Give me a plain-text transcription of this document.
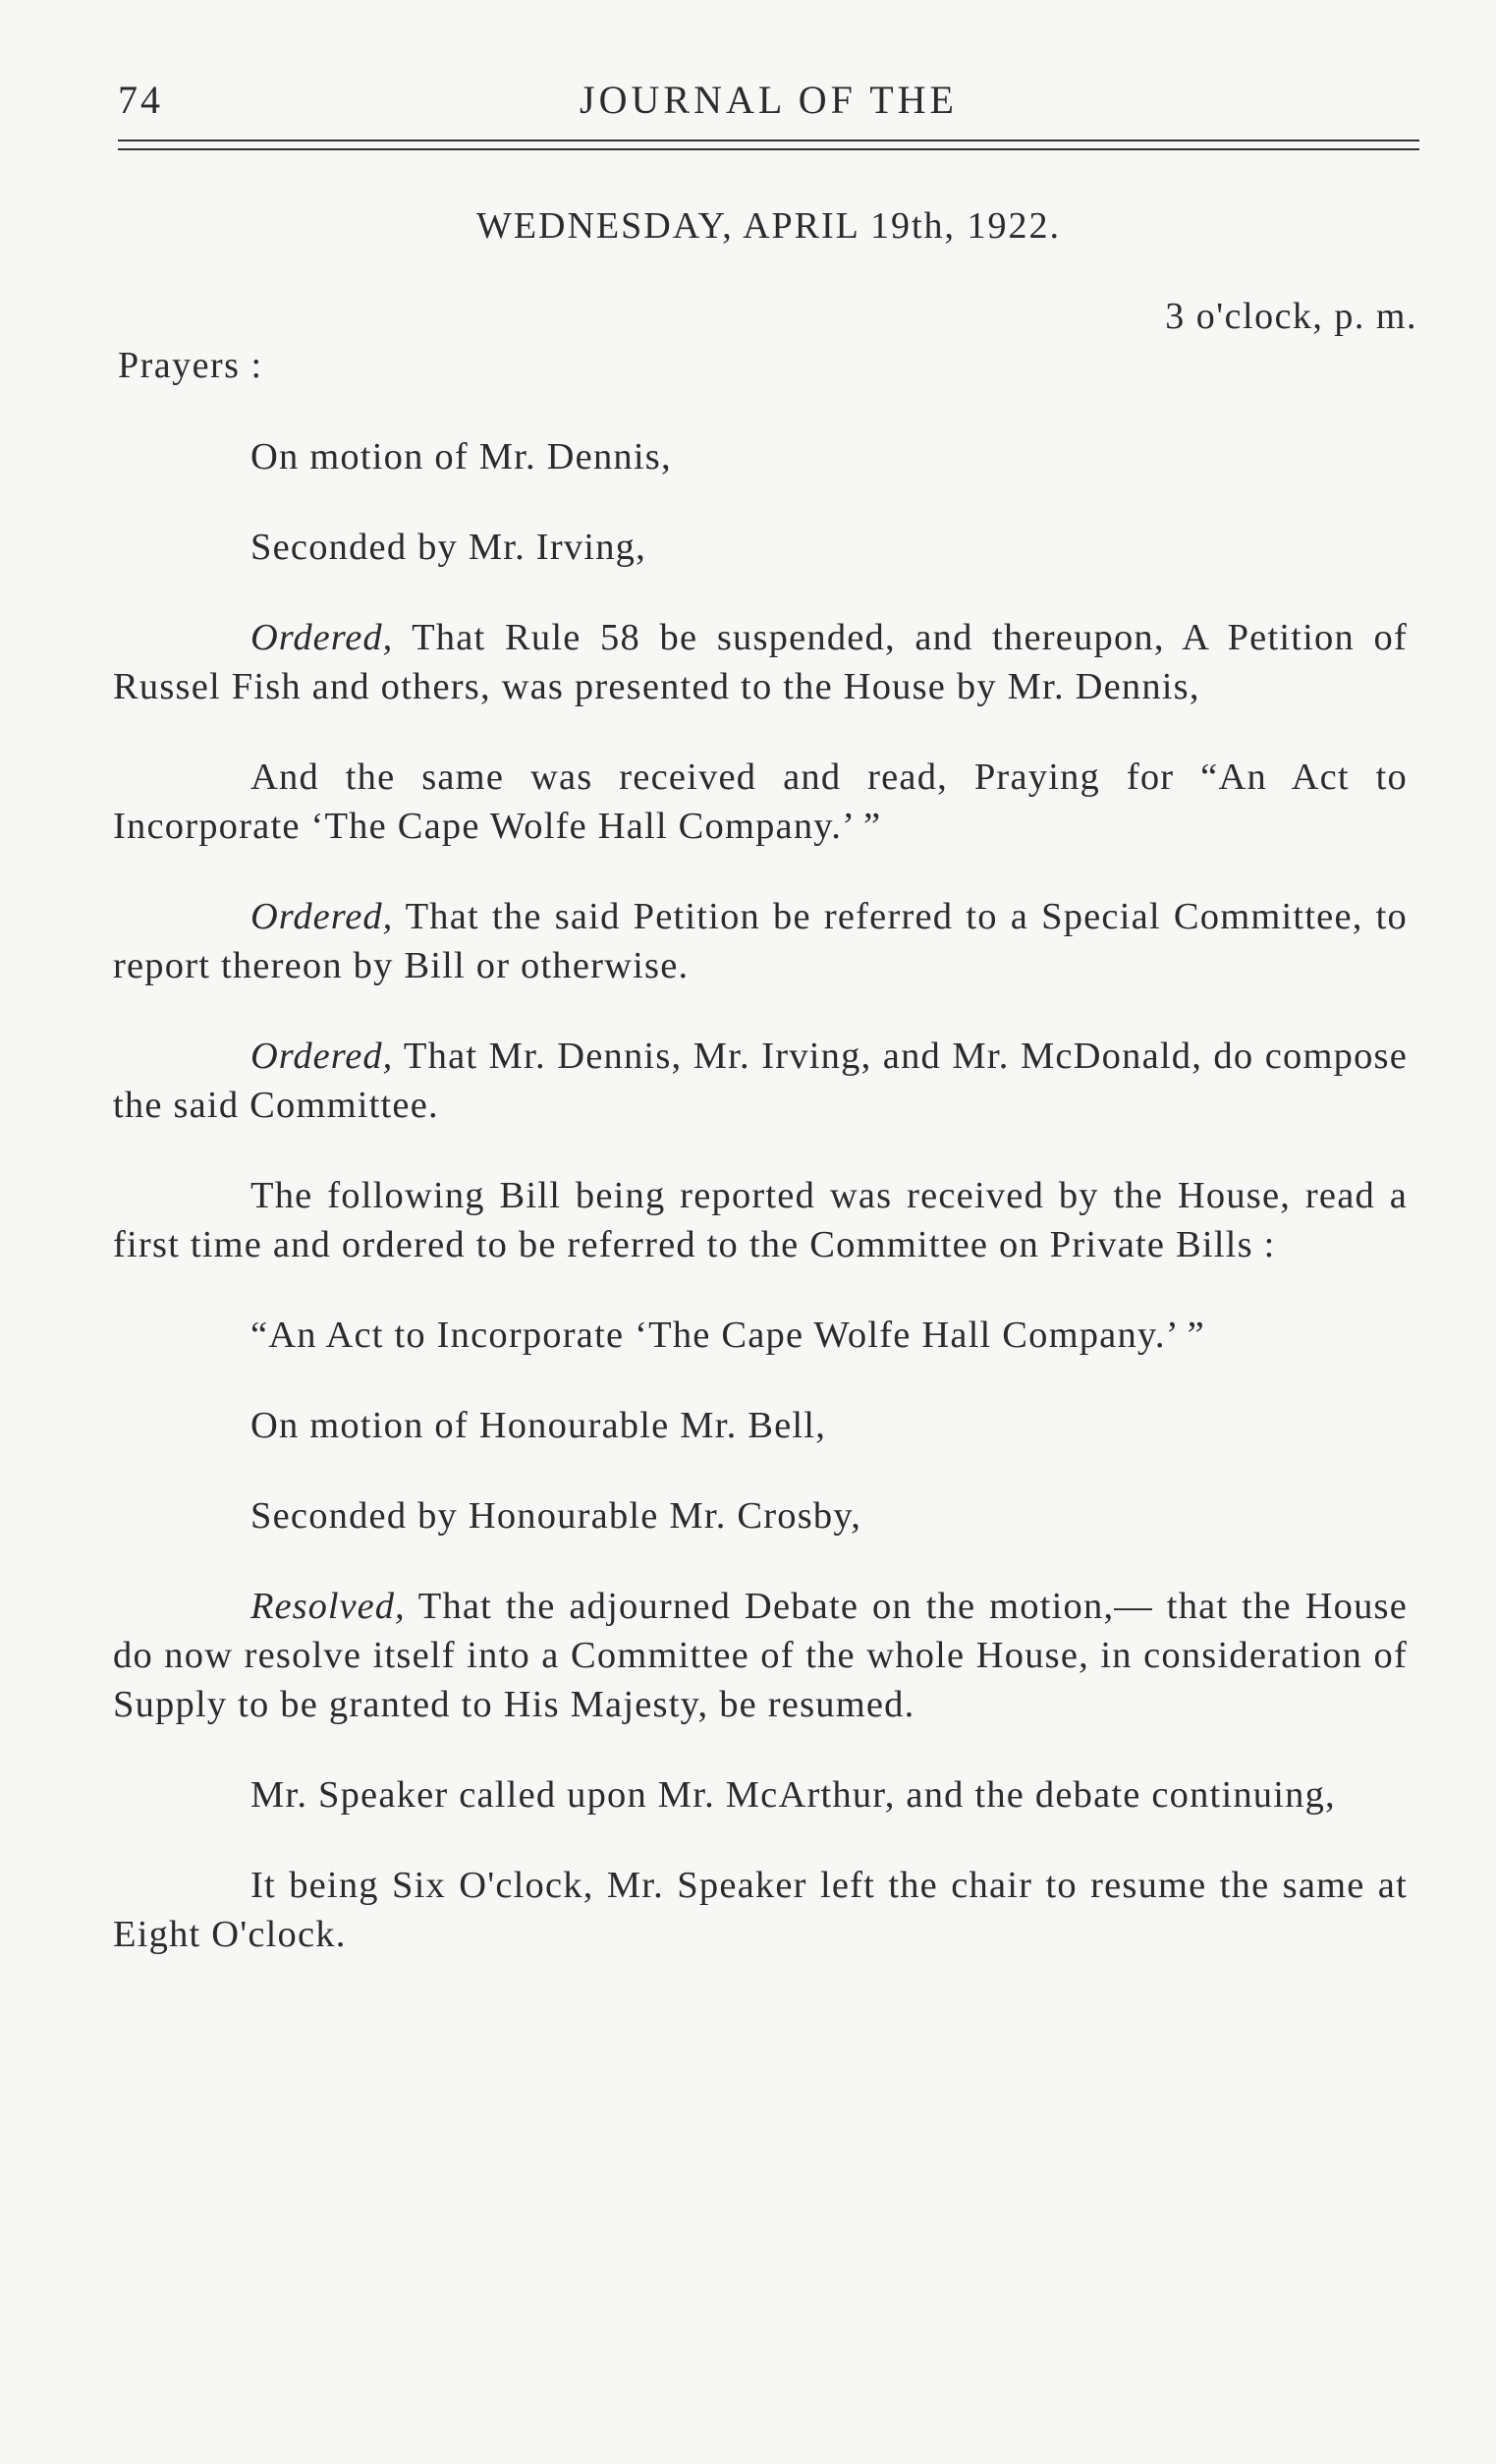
74	JOURNAL OF THE
WEDNESDAY, APRIL 19th, 1922.
3 o'clock, p. m.
Prayers :

On motion of Mr. Dennis,

Seconded by Mr. Irving,

Ordered, That Rule 58 be suspended, and thereupon, A Petition of Russel Fish and others, was presented to the House by Mr. Dennis,

And the same was received and read, Praying for “An Act to Incorporate ‘The Cape Wolfe Hall Company.’ ”

Ordered, That the said Petition be referred to a Special Committee, to report thereon by Bill or otherwise.

Ordered, That Mr. Dennis, Mr. Irving, and Mr. McDonald, do compose the said Committee.

The following Bill being reported was received by the House, read a first time and ordered to be referred to the Committee on Private Bills :

“An Act to Incorporate ‘The Cape Wolfe Hall Company.’ ”

On motion of Honourable Mr. Bell,

Seconded by Honourable Mr. Crosby,

Resolved, That the adjourned Debate on the motion,— that the House do now resolve itself into a Committee of the whole House, in consideration of Supply to be granted to His Majesty, be resumed.

Mr. Speaker called upon Mr. McArthur, and the debate continuing,

It being Six O'clock, Mr. Speaker left the chair to resume the same at Eight O'clock.
